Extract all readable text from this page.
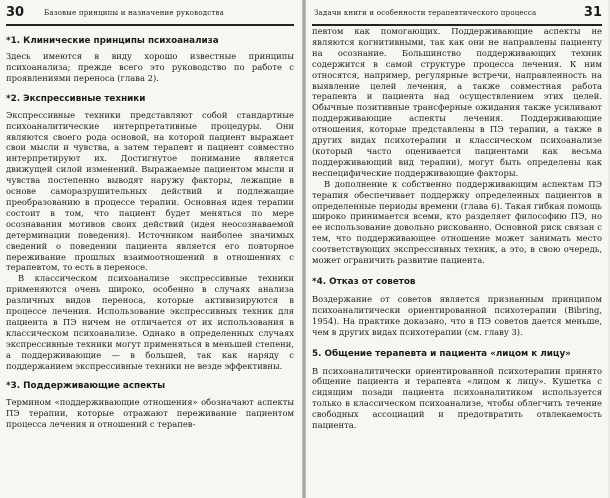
30	Базовые принципы и назначение руководства
*1. Клинические принципы психоанализа

Здесь имеются в виду хорошо известные принципы психоанализа; прежде всего это руководство по работе с проявлениями переноса (глава 2).

*2. Экспрессивные техники

Экспрессивные техники представляют собой стандартные психоаналитические интерпретативные процедуры. Они являются своего рода основой, на которой пациент выражает свои мысли и чувства, а затем терапевт и пациент совместно интерпретируют их. Достигнутое понимание является движущей силой изменений. Выражаемые пациентом мысли и чувства постепенно выводят наружу факторы, лежащие в основе саморазрушительных действий и подлежащие преобразованию в процессе терапии. Основная идея терапии состоит в том, что пациент будет меняться по мере осознавания мотивов своих действий (идея неосознаваемой детерминации поведения). Источником наиболее значимых сведений о поведении пациента является его повторное переживание прошлых взаимоотношений в отношениях с терапевтом, то есть в переносе.

В классическом психоанализе экспрессивные техники применяются очень широко, особенно в случаях анализа различных видов переноса, которые активизируются в процессе лечения. Использование экспрессивных техник для пациента в ПЭ ничем не отличается от их использования в классическом психоанализе. Однако в определенных случаях экспрессивные техники могут применяться в меньшей степени, а поддерживающие — в большей, так как наряду с поддержанием экспрессивные техники не везде эффективны.

*3. Поддерживающие аспекты

Термином «поддерживающие отношения» обозначают аспекты ПЭ терапии, которые отражают переживание пациентом процесса лечения и отношений с терапев-

Задачи книги и особенности терапевтического процесса	31

певтом как помогающих. Поддерживающие аспекты не являются когнитивными, так как они не направлены пациенту на осознание. Большинство поддерживающих техник содержится в самой структуре процесса лечения. К ним относятся, например, регулярные встречи, направленность на выявление целей лечения, а также совместная работа терапевта и пациента над осуществлением этих целей. Обычные позитивные трансферные ожидания также усиливают поддерживающие аспекты лечения. Поддерживающие отношения, которые представлены в ПЭ терапии, а также в других видах психотерапии и классическом психоанализе (который часто оценивается пациентами как весьма поддерживающий вид терапии), могут быть определены как неспецифические поддерживающие факторы.

В дополнение к собственно поддерживающим аспектам ПЭ терапия обеспечивает поддержку определенных пациентов в определенные периоды времени (глава 6). Такая гибкая помощь широко принимается всеми, кто разделяет философию ПЭ, но ее использование довольно рискованно. Основной риск связан с тем, что поддерживающее отношение может занимать место соответствующих экспрессивных техник, а это, в свою очередь, может ограничить развитие пациента.

*4. Отказ от советов

Воздержание от советов является признанным принципом психоаналитически ориентированной психотерапии (Bibring, 1954). На практике доказано, что в ПЭ советов дается меньше, чем в других видах психотерапии (см. главу 3).

5. Общение терапевта и пациента «лицом к лицу»

В психоаналитически ориентированной психотерапии принято общение пациента и терапевта «лицом к лицу». Кушетка с сидящим позади пациента психоаналитиком используется только в классическом психоанализе, чтобы облегчить течение свободных ассоциаций и предотвратить отвлекаемость пациента.
